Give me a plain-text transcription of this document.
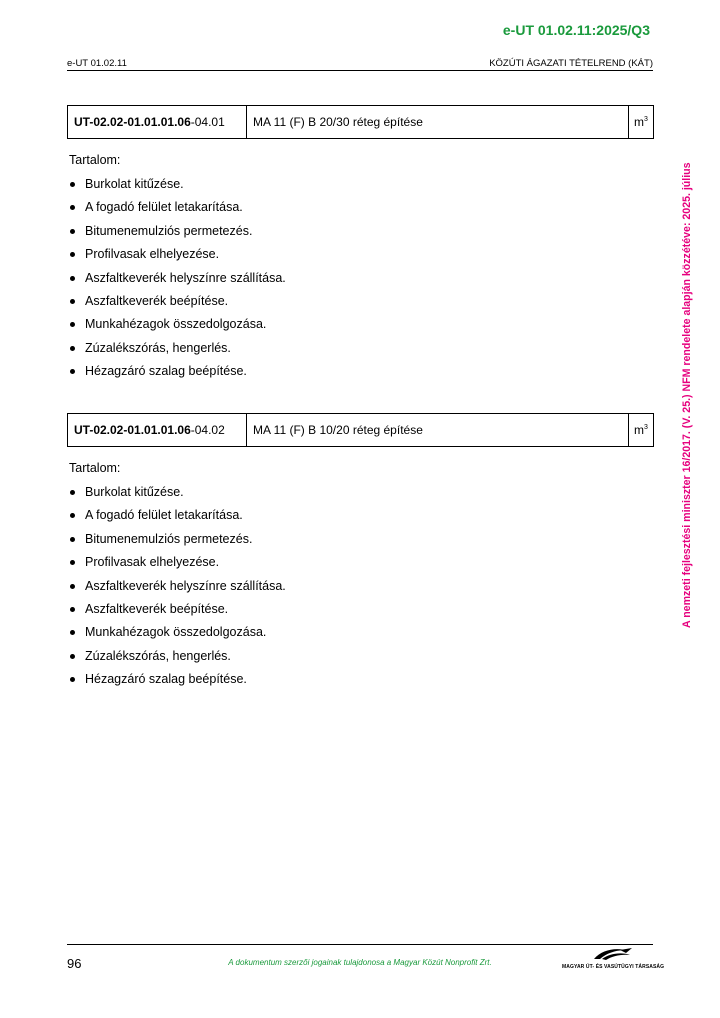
e-UT 01.02.11:2025/Q3
e-UT 01.02.11	KÖZÚTI ÁGAZATI TÉTELREND (KÁT)
A nemzeti fejlesztési miniszter 16/2017. (V. 25.) NFM rendelete alapján közzétéve: 2025. július
UT-02.02-01.01.01.06-04.01	MA 11 (F) B 20/30 réteg építése	$m^3$
Tartalom:
Burkolat kitűzése.
A fogadó felület letakarítása.
Bitumenemulziós permetezés.
Profilvasak elhelyezése.
Aszfaltkeverék helyszínre szállítása.
Aszfaltkeverék beépítése.
Munkahézagok összedolgozása.
Zúzalékszórás, hengerlés.
Hézagzáró szalag beépítése.
UT-02.02-01.01.01.06-04.02	MA 11 (F) B 10/20 réteg építése	$m^3$
Tartalom:
Burkolat kitűzése.
A fogadó felület letakarítása.
Bitumenemulziós permetezés.
Profilvasak elhelyezése.
Aszfaltkeverék helyszínre szállítása.
Aszfaltkeverék beépítése.
Munkahézagok összedolgozása.
Zúzalékszórás, hengerlés.
Hézagzáró szalag beépítése.
96	A dokumentum szerzői jogainak tulajdonosa a Magyar Közút Nonprofit Zrt.	MAGYAR ÚT- ÉS VASÚTÜGYI TÁRSASÁG
